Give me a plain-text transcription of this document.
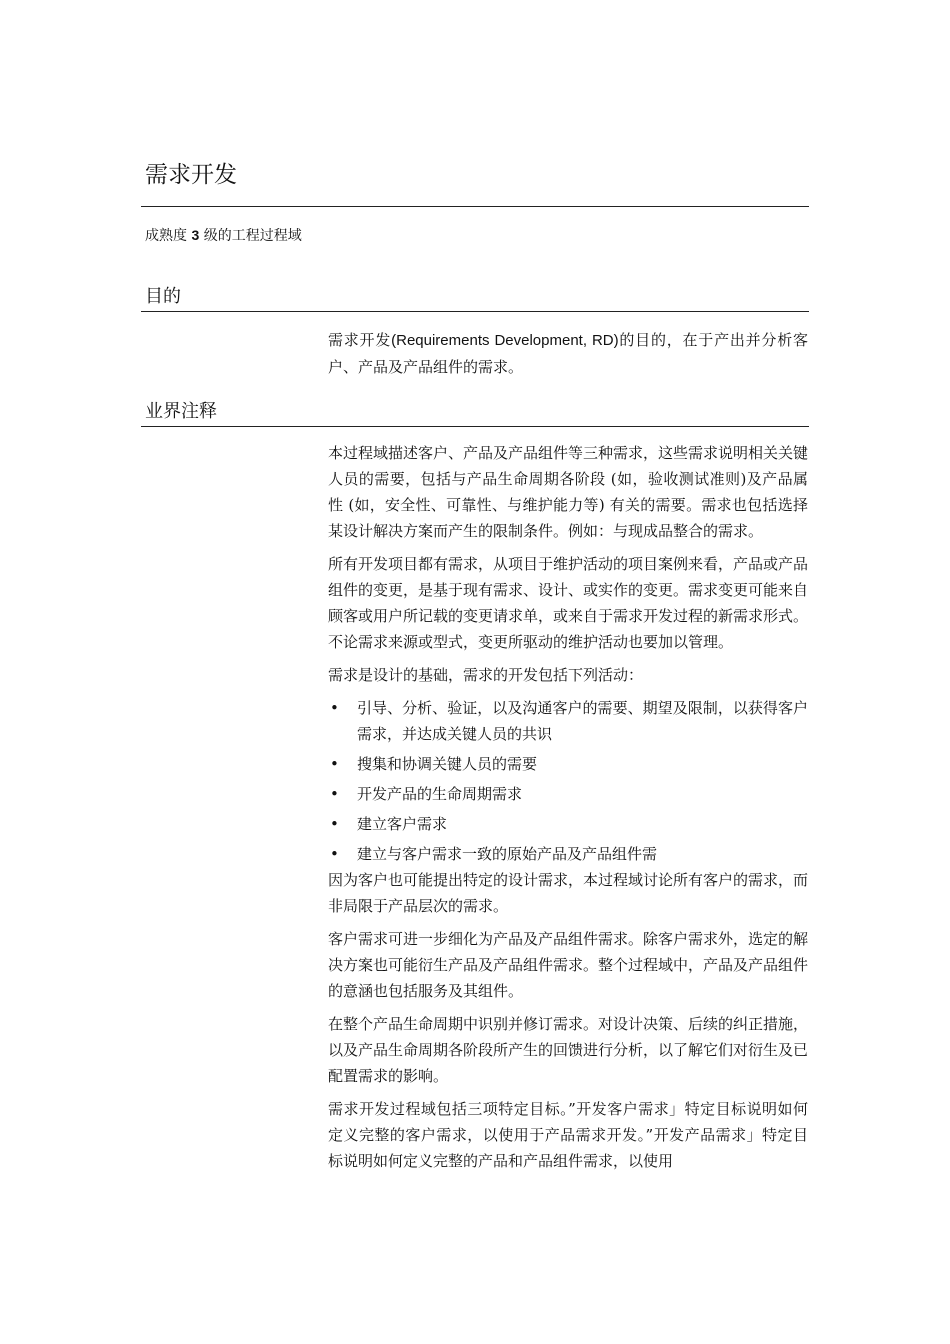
需求开发
成熟度 3 级的工程过程域
目的

需求开发(Requirements Development, RD)的目的，在于产出并分析客户、产品及产品组件的需求。

业界注释

本过程域描述客户、产品及产品组件等三种需求，这些需求说明相关关键人员的需要，包括与产品生命周期各阶段 (如，验收测试准则)及产品属性 (如，安全性、可靠性、与维护能力等) 有关的需要。需求也包括选择某设计解决方案而产生的限制条件。例如：与现成品整合的需求。

所有开发项目都有需求，从项目于维护活动的项目案例来看，产品或产品组件的变更，是基于现有需求、设计、或实作的变更。需求变更可能来自顾客或用户所记载的变更请求单，或来自于需求开发过程的新需求形式。不论需求来源或型式，变更所驱动的维护活动也要加以管理。

需求是设计的基础，需求的开发包括下列活动：

• 引导、分析、验证，以及沟通客户的需要、期望及限制，以获得客户需求，并达成关键人员的共识
• 搜集和协调关键人员的需要
• 开发产品的生命周期需求
• 建立客户需求
• 建立与客户需求一致的原始产品及产品组件需

因为客户也可能提出特定的设计需求，本过程域讨论所有客户的需求，而非局限于产品层次的需求。

客户需求可进一步细化为产品及产品组件需求。除客户需求外，选定的解决方案也可能衍生产品及产品组件需求。整个过程域中，产品及产品组件的意涵也包括服务及其组件。

在整个产品生命周期中识别并修订需求。对设计决策、后续的纠正措施，以及产品生命周期各阶段所产生的回馈进行分析，以了解它们对衍生及已配置需求的影响。

需求开发过程域包括三项特定目标。”开发客户需求」特定目标说明如何定义完整的客户需求，以使用于产品需求开发。”开发产品需求」特定目标说明如何定义完整的产品和产品组件需求，以使用
